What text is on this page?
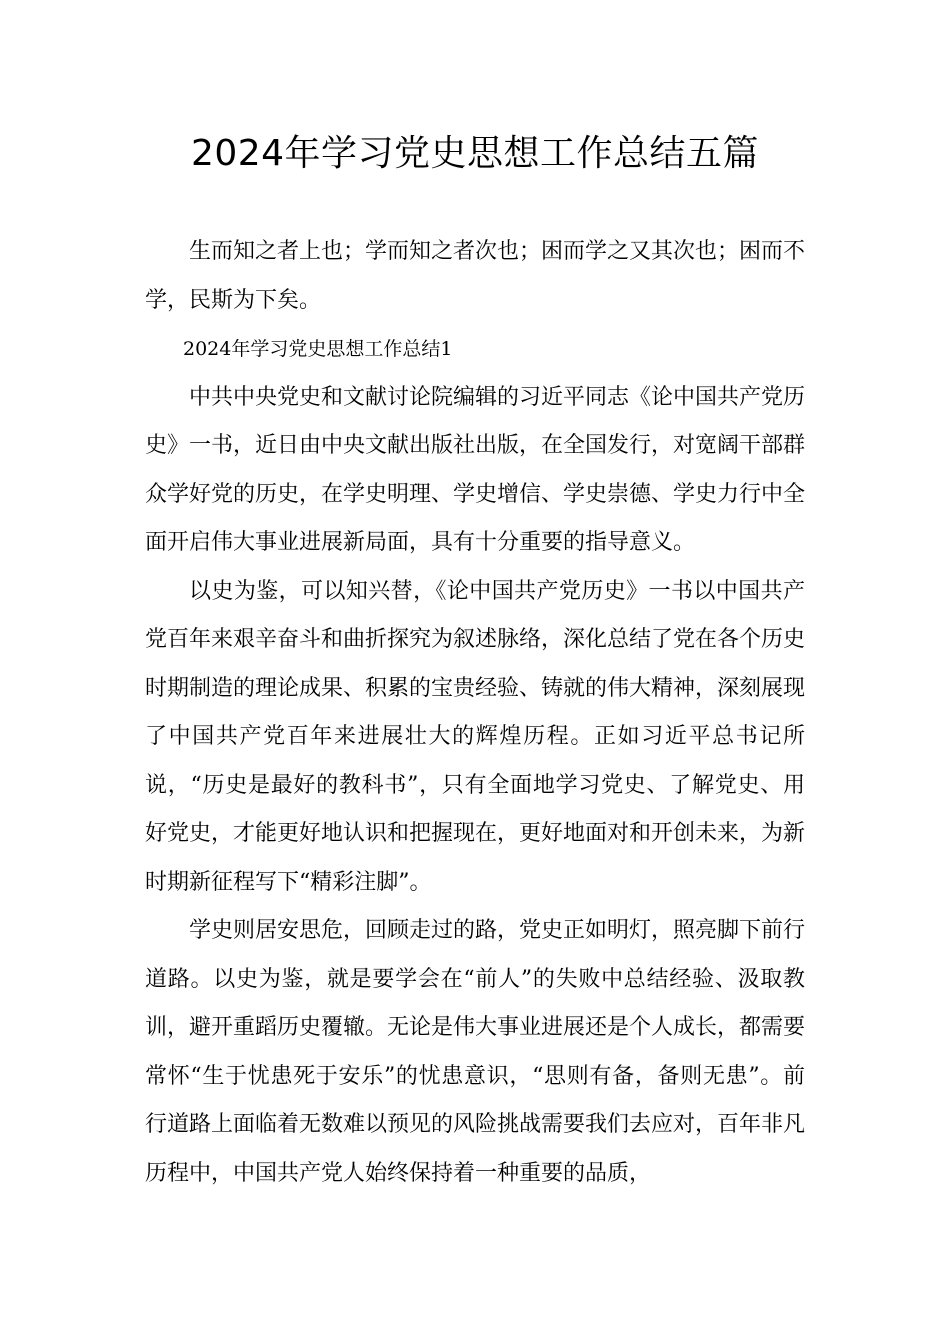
2024年学习党史思想工作总结五篇

生而知之者上也；学而知之者次也；困而学之又其次也；困而不学，民斯为下矣。

2024年学习党史思想工作总结1

中共中央党史和文献讨论院编辑的习近平同志《论中国共产党历史》一书，近日由中央文献出版社出版，在全国发行，对宽阔干部群众学好党的历史，在学史明理、学史增信、学史崇德、学史力行中全面开启伟大事业进展新局面，具有十分重要的指导意义。

以史为鉴，可以知兴替，《论中国共产党历史》一书以中国共产党百年来艰辛奋斗和曲折探究为叙述脉络，深化总结了党在各个历史时期制造的理论成果、积累的宝贵经验、铸就的伟大精神，深刻展现了中国共产党百年来进展壮大的辉煌历程。正如习近平总书记所说，“历史是最好的教科书”，只有全面地学习党史、了解党史、用好党史，才能更好地认识和把握现在，更好地面对和开创未来，为新时期新征程写下“精彩注脚”。

学史则居安思危，回顾走过的路，党史正如明灯，照亮脚下前行道路。以史为鉴，就是要学会在“前人”的失败中总结经验、汲取教训，避开重蹈历史覆辙。无论是伟大事业进展还是个人成长，都需要常怀“生于忧患死于安乐”的忧患意识，“思则有备，备则无患”。前行道路上面临着无数难以预见的风险挑战需要我们去应对，百年非凡历程中，中国共产党人始终保持着一种重要的品质，
